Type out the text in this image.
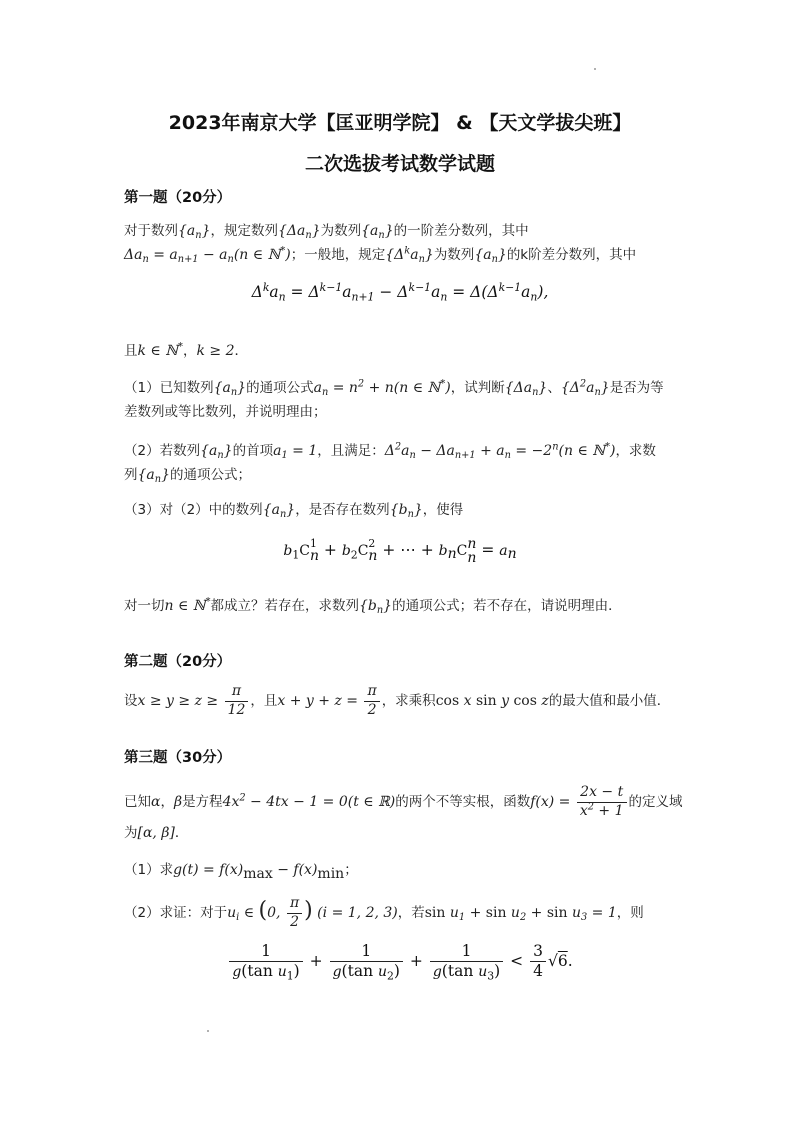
2023年南京大学【匡亚明学院】 & 【天文学拔尖班】
二次选拔考试数学试题
第一题（20分）
对于数列$\{a_n\}$，规定数列$\{\Delta a_n\}$为数列$\{a_n\}$的一阶差分数列，其中
$\Delta a_n = a_{n+1} - a_n(n$ ∈ ℕ*)；一般地，规定$\{\Delta^ka_n\}$为数列$\{a_n\}$的k阶差分数列，其中
$\Delta^ka_n = \Delta^{k-1}a_{n+1} - \Delta^{k-1}a_n = \Delta(\Delta^{k-1}a_n)$,
且k ∈ ℕ*，k ≥ 2．
（1）已知数列$\{a_n\}$的通项公式$a_n = n^2 + n(n$ ∈ ℕ*)，试判断$\{\Delta a_n\}$、$\{\Delta^2a_n\}$是否为等
差数列或等比数列，并说明理由；
（2）若数列$\{a_n\}$的首项$a_1 = 1$，且满足：$\Delta^2a_n - \Delta a_{n+1} + a_n = -2^n(n$ ∈ ℕ*)，求数
列$\{a_n\}$的通项公式；
（3）对（2）中的数列$\{a_n\}$，是否存在数列$\{b_n\}$，使得
$b_1C1$
$n + b_2C2$
n + ⋯ + $b_nCn$
$n = a_n$
对一切n ∈ ℕ*都成立？若存在，求数列$\{b_n\}$的通项公式；若不存在，请说明理由．
第二题（20分）
设$x \ge y \ge z \ge \frac{\pi}{12}$ ，且$x + y + z = \frac{\pi}{2}$ ，求乘积cos x sin y cos z的最大值和最小值．
第三题（30分）
已知α，β是方程$4x^2 - 4tx - 1 = 0(t$ ∈ ℝ)的两个不等实根，函数$f(x) = \frac{2x - t}{x^2 + 1}$ 的定义域
为[α, β]．
（1）求$g(t) = f(x)_{max} - f(x)_{min}$；
（2）求证：对于$u_i$ ∈ (0, $\frac{\pi}{2}$ ) (i = 1, 2, 3)，若$\sin u_1 + \sin u_2 + \sin u_3 = 1$，则
$\frac{1}{g(\tan u_1)} + \frac{1}{g(\tan u_2)} + \frac{1}{g(\tan u_3)} < \frac{3}{4} √6$.
